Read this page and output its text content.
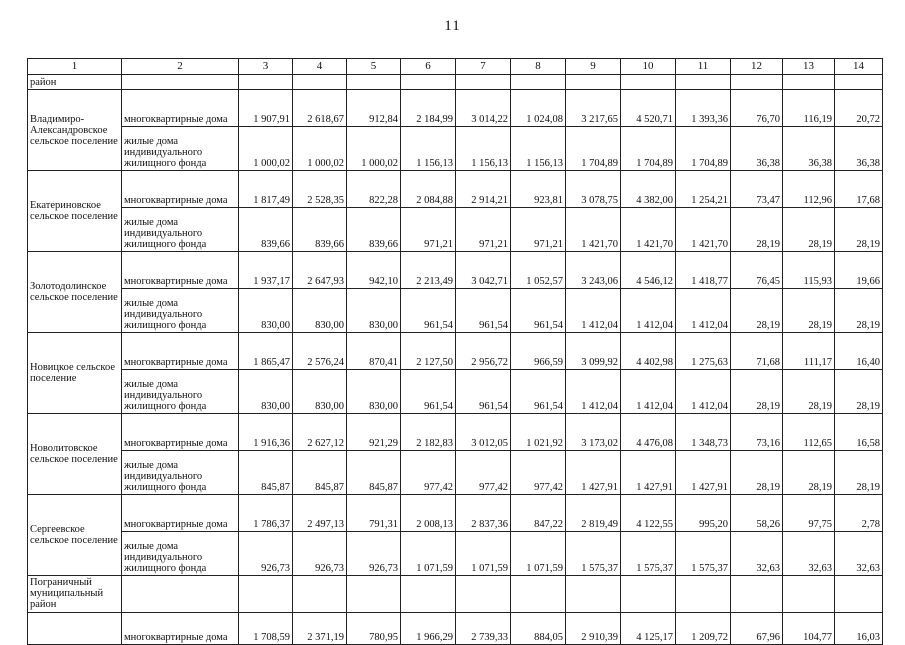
11
1	2	3	4	5	6	7	8	9	10	11	12	13	14
район													
Владимиро-Александровское сельское поселение	многоквартирные дома	1 907,91	2 618,67	912,84	2 184,99	3 014,22	1 024,08	3 217,65	4 520,71	1 393,36	76,70	116,19	20,72
	жилые дома индивидуального жилищного фонда	1 000,02	1 000,02	1 000,02	1 156,13	1 156,13	1 156,13	1 704,89	1 704,89	1 704,89	36,38	36,38	36,38
Екатериновское сельское поселение	многоквартирные дома	1 817,49	2 528,35	822,28	2 084,88	2 914,21	923,81	3 078,75	4 382,00	1 254,21	73,47	112,96	17,68
	жилые дома индивидуального жилищного фонда	839,66	839,66	839,66	971,21	971,21	971,21	1 421,70	1 421,70	1 421,70	28,19	28,19	28,19
Золотодолинское сельское поселение	многоквартирные дома	1 937,17	2 647,93	942,10	2 213,49	3 042,71	1 052,57	3 243,06	4 546,12	1 418,77	76,45	115,93	19,66
	жилые дома индивидуального жилищного фонда	830,00	830,00	830,00	961,54	961,54	961,54	1 412,04	1 412,04	1 412,04	28,19	28,19	28,19
Новицкое сельское поселение	многоквартирные дома	1 865,47	2 576,24	870,41	2 127,50	2 956,72	966,59	3 099,92	4 402,98	1 275,63	71,68	111,17	16,40
	жилые дома индивидуального жилищного фонда	830,00	830,00	830,00	961,54	961,54	961,54	1 412,04	1 412,04	1 412,04	28,19	28,19	28,19
Новолитовское сельское поселение	многоквартирные дома	1 916,36	2 627,12	921,29	2 182,83	3 012,05	1 021,92	3 173,02	4 476,08	1 348,73	73,16	112,65	16,58
	жилые дома индивидуального жилищного фонда	845,87	845,87	845,87	977,42	977,42	977,42	1 427,91	1 427,91	1 427,91	28,19	28,19	28,19
Сергеевское сельское поселение	многоквартирные дома	1 786,37	2 497,13	791,31	2 008,13	2 837,36	847,22	2 819,49	4 122,55	995,20	58,26	97,75	2,78
	жилые дома индивидуального жилищного фонда	926,73	926,73	926,73	1 071,59	1 071,59	1 071,59	1 575,37	1 575,37	1 575,37	32,63	32,63	32,63
Пограничный муниципальный район													
	многоквартирные дома	1 708,59	2 371,19	780,95	1 966,29	2 739,33	884,05	2 910,39	4 125,17	1 209,72	67,96	104,77	16,03
